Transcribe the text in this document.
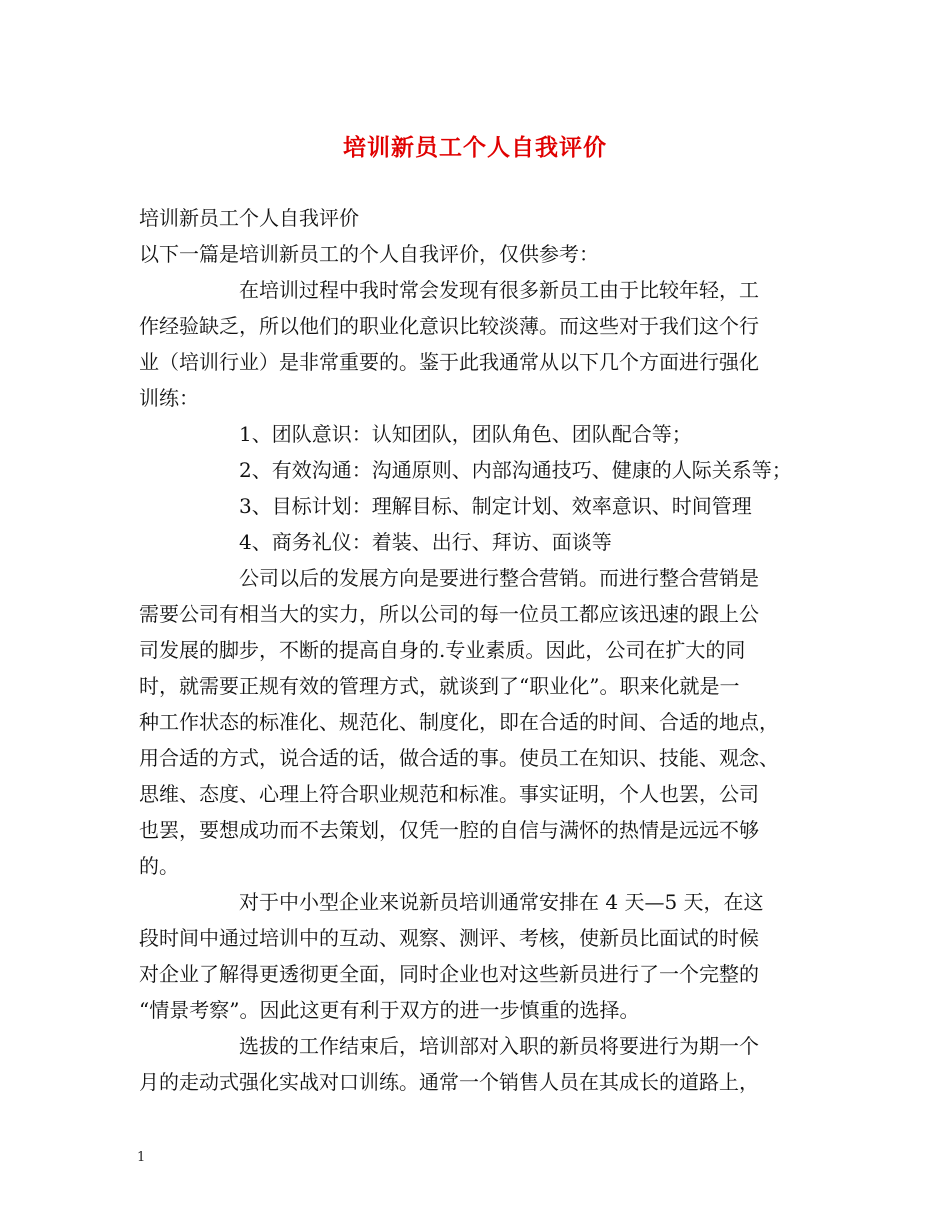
培训新员工个人自我评价

培训新员工个人自我评价

以下一篇是培训新员工的个人自我评价，仅供参考：

在培训过程中我时常会发现有很多新员工由于比较年轻，工

作经验缺乏，所以他们的职业化意识比较淡薄。而这些对于我们这个行

业（培训行业）是非常重要的。鉴于此我通常从以下几个方面进行强化

训练：

1、团队意识：认知团队，团队角色、团队配合等；

2、有效沟通：沟通原则、内部沟通技巧、健康的人际关系等；

3、目标计划：理解目标、制定计划、效率意识、时间管理

4、商务礼仪：着装、出行、拜访、面谈等

公司以后的发展方向是要进行整合营销。而进行整合营销是

需要公司有相当大的实力，所以公司的每一位员工都应该迅速的跟上公

司发展的脚步，不断的提高自身的.专业素质。因此，公司在扩大的同

时，就需要正规有效的管理方式，就谈到了“职业化”。职来化就是一

种工作状态的标准化、规范化、制度化，即在合适的时间、合适的地点，

用合适的方式，说合适的话，做合适的事。使员工在知识、技能、观念、

思维、态度、心理上符合职业规范和标准。事实证明，个人也罢，公司

也罢，要想成功而不去策划，仅凭一腔的自信与满怀的热情是远远不够

的。

对于中小型企业来说新员培训通常安排在 4 天—5 天，在这

段时间中通过培训中的互动、观察、测评、考核，使新员比面试的时候

对企业了解得更透彻更全面，同时企业也对这些新员进行了一个完整的

“情景考察”。因此这更有利于双方的进一步慎重的选择。

选拔的工作结束后，培训部对入职的新员将要进行为期一个

月的走动式强化实战对口训练。通常一个销售人员在其成长的道路上，

1
